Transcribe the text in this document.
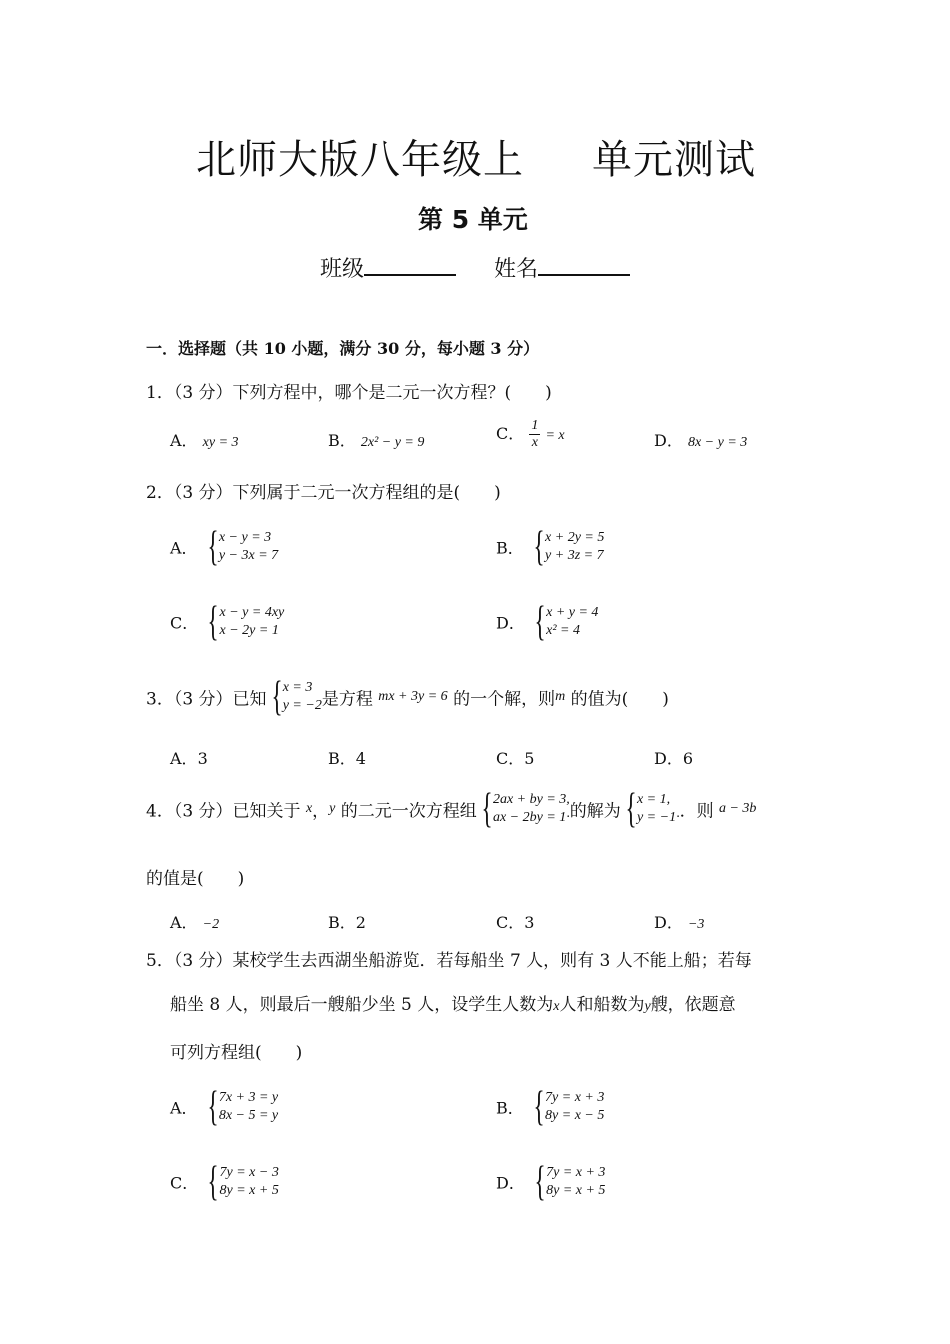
北师大版八年级上 单元测试
第 5 单元
班级	姓名
一．选择题（共 10 小题，满分 30 分，每小题 3 分）
1．（3 分）下列方程中，哪个是二元一次方程？(　　)
A． xy = 3	B． 2x² − y = 9	C． $\frac{1}{x} = x$	D． 8x − y = 3
2．（3 分）下列属于二元一次方程组的是(　　)
A． { x − y = 3
y − 3x = 7	B． { x + 2y = 5
y + 3z = 7
C． { x − y = 4xy
x − 2y = 1	D． { x + y = 4
x² = 4
3．（3 分）已知 { x = 3
y = −2 是方程 mx + 3y = 6 的一个解，则m 的值为(　　)
A．3	B．4	C．5	D．6
4．（3 分）已知关于 x，y 的二元一次方程组 { 2ax + by = 3,
ax − 2by = 1· 的解为 { x = 1,
y = −1· ．则 a − 3b
的值是(　　)
A． −2	B．2	C．3	D． −3
5．（3 分）某校学生去西湖坐船游览．若每船坐 7 人，则有 3 人不能上船；若每
船坐 8 人，则最后一艘船少坐 5 人，设学生人数为x人和船数为y艘，依题意
可列方程组(　　)
A． { 7x + 3 = y
8x − 5 = y	B． { 7y = x + 3
8y = x − 5
C． { 7y = x − 3
8y = x + 5	D． { 7y = x + 3
8y = x + 5
